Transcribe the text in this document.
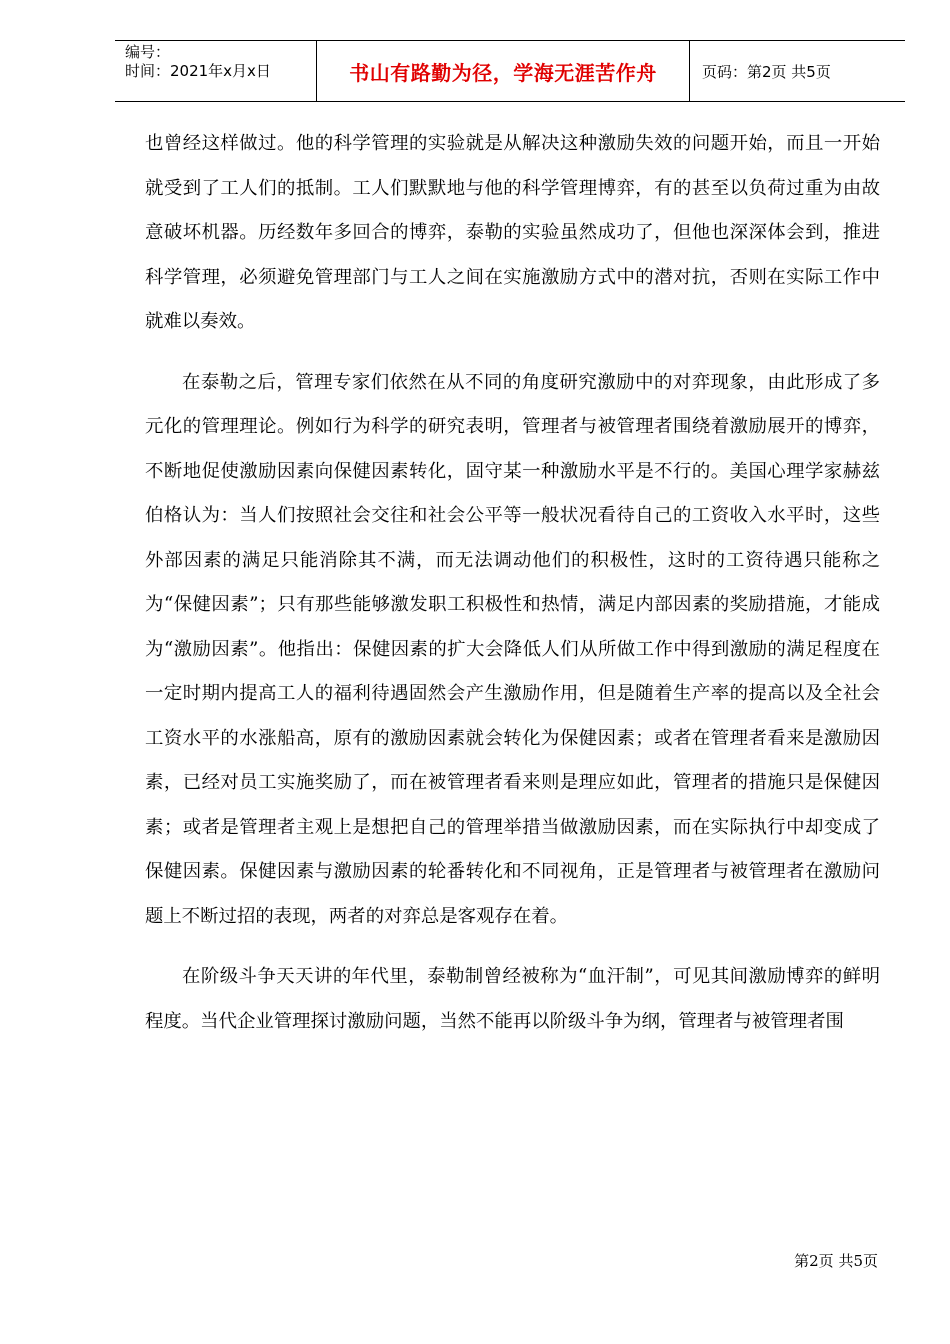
编号：
时间：2021年x月x日	书山有路勤为径，学海无涯苦作舟	页码：第2页 共5页

也曾经这样做过。他的科学管理的实验就是从解决这种激励失效的问题开始，而且一开始就受到了工人们的抵制。工人们默默地与他的科学管理博弈，有的甚至以负荷过重为由故意破坏机器。历经数年多回合的博弈，泰勒的实验虽然成功了，但他也深深体会到，推进科学管理，必须避免管理部门与工人之间在实施激励方式中的潜对抗，否则在实际工作中就难以奏效。

在泰勒之后，管理专家们依然在从不同的角度研究激励中的对弈现象，由此形成了多元化的管理理论。例如行为科学的研究表明，管理者与被管理者围绕着激励展开的博弈，不断地促使激励因素向保健因素转化，固守某一种激励水平是不行的。美国心理学家赫兹伯格认为：当人们按照社会交往和社会公平等一般状况看待自己的工资收入水平时，这些外部因素的满足只能消除其不满，而无法调动他们的积极性，这时的工资待遇只能称之为“保健因素”；只有那些能够激发职工积极性和热情，满足内部因素的奖励措施，才能成为“激励因素”。他指出：保健因素的扩大会降低人们从所做工作中得到激励的满足程度在一定时期内提高工人的福利待遇固然会产生激励作用，但是随着生产率的提高以及全社会工资水平的水涨船高，原有的激励因素就会转化为保健因素；或者在管理者看来是激励因素，已经对员工实施奖励了，而在被管理者看来则是理应如此，管理者的措施只是保健因素；或者是管理者主观上是想把自己的管理举措当做激励因素，而在实际执行中却变成了保健因素。保健因素与激励因素的轮番转化和不同视角，正是管理者与被管理者在激励问题上不断过招的表现，两者的对弈总是客观存在着。

在阶级斗争天天讲的年代里，泰勒制曾经被称为“血汗制”，可见其间激励博弈的鲜明程度。当代企业管理探讨激励问题，当然不能再以阶级斗争为纲，管理者与被管理者围

第2页 共5页
